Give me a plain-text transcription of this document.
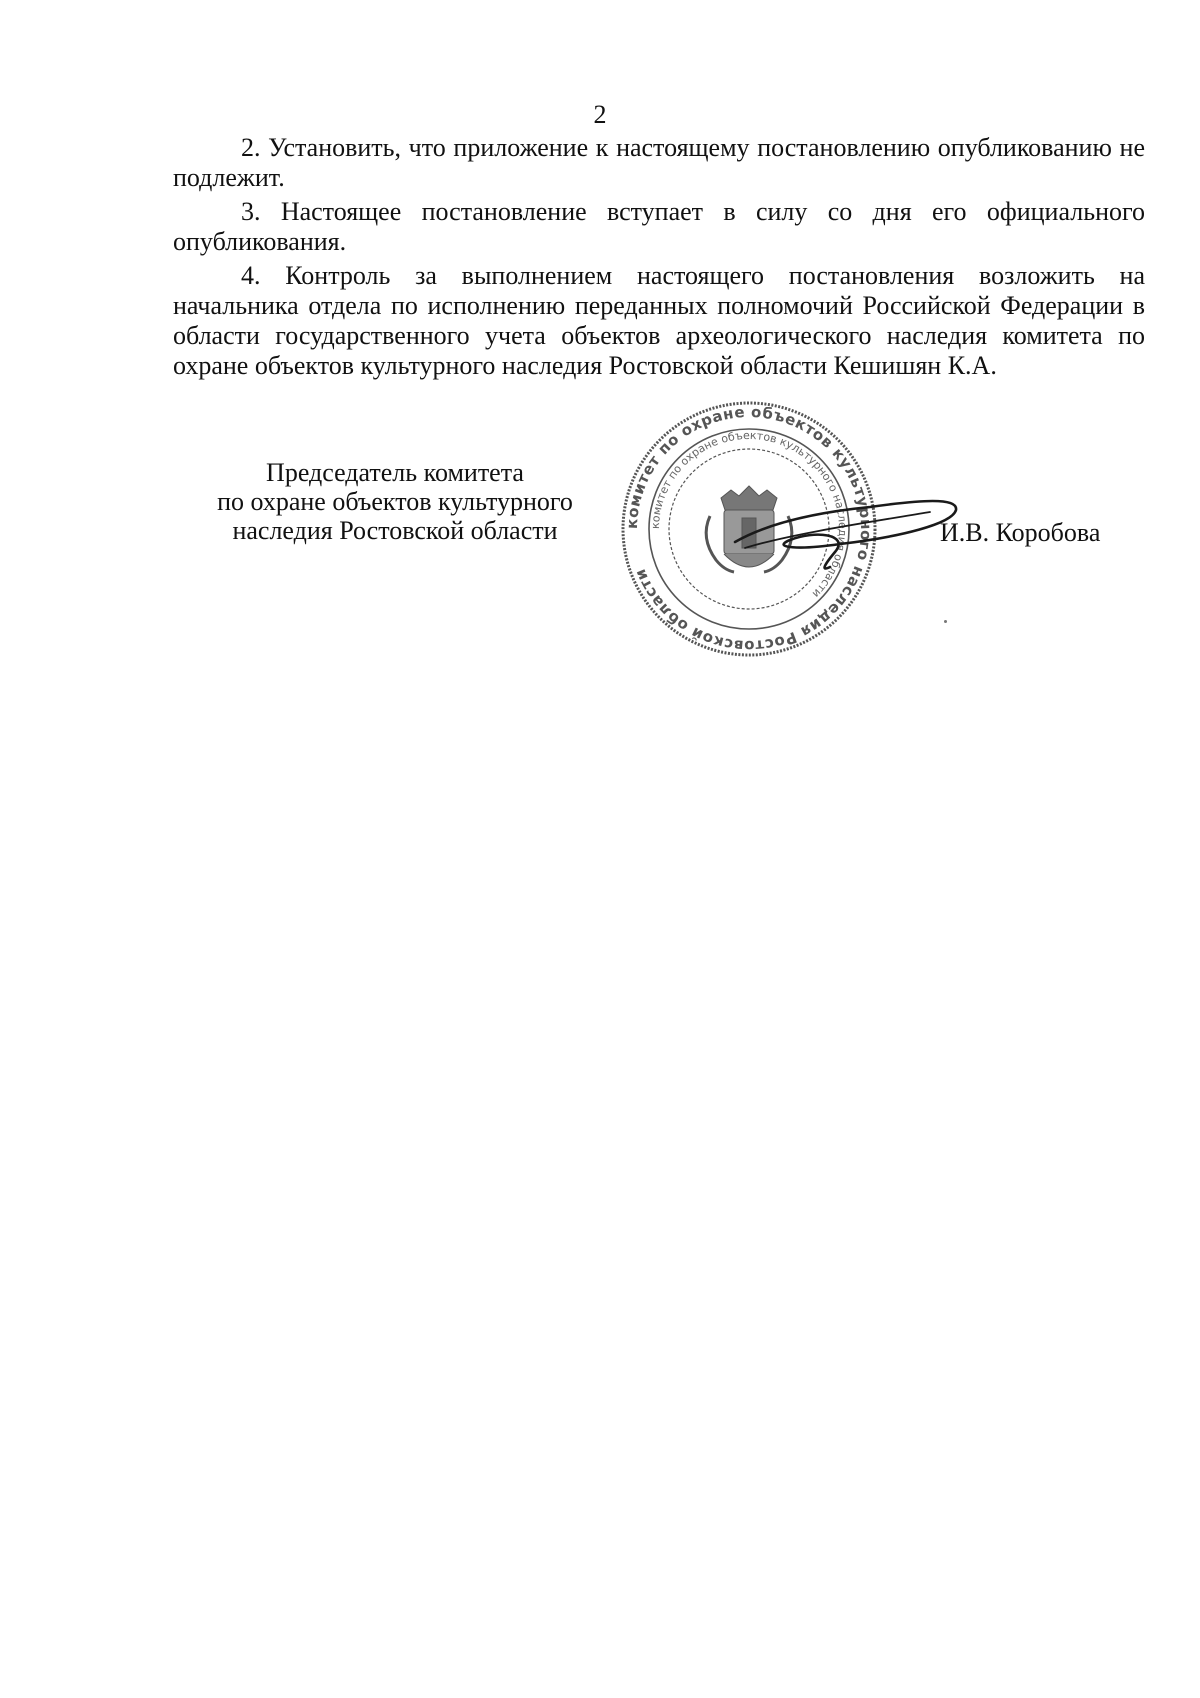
2

2. Установить, что приложение к настоящему постановлению опубликованию не подлежит.

3. Настоящее постановление вступает в силу со дня его официального опубликования.

4. Контроль за выполнением настоящего постановления возложить на начальника отдела по исполнению переданных полномочий Российской Федерации в области государственного учета объектов археологического наследия комитета по охране объектов культурного наследия Ростовской области Кешишян К.А.

Председатель комитета
по охране объектов культурного
наследия Ростовской области	комитет по охране объектов культурного наследия Ростовской области
комитет по охране объектов культурного наследия области
И.В. Коробова
